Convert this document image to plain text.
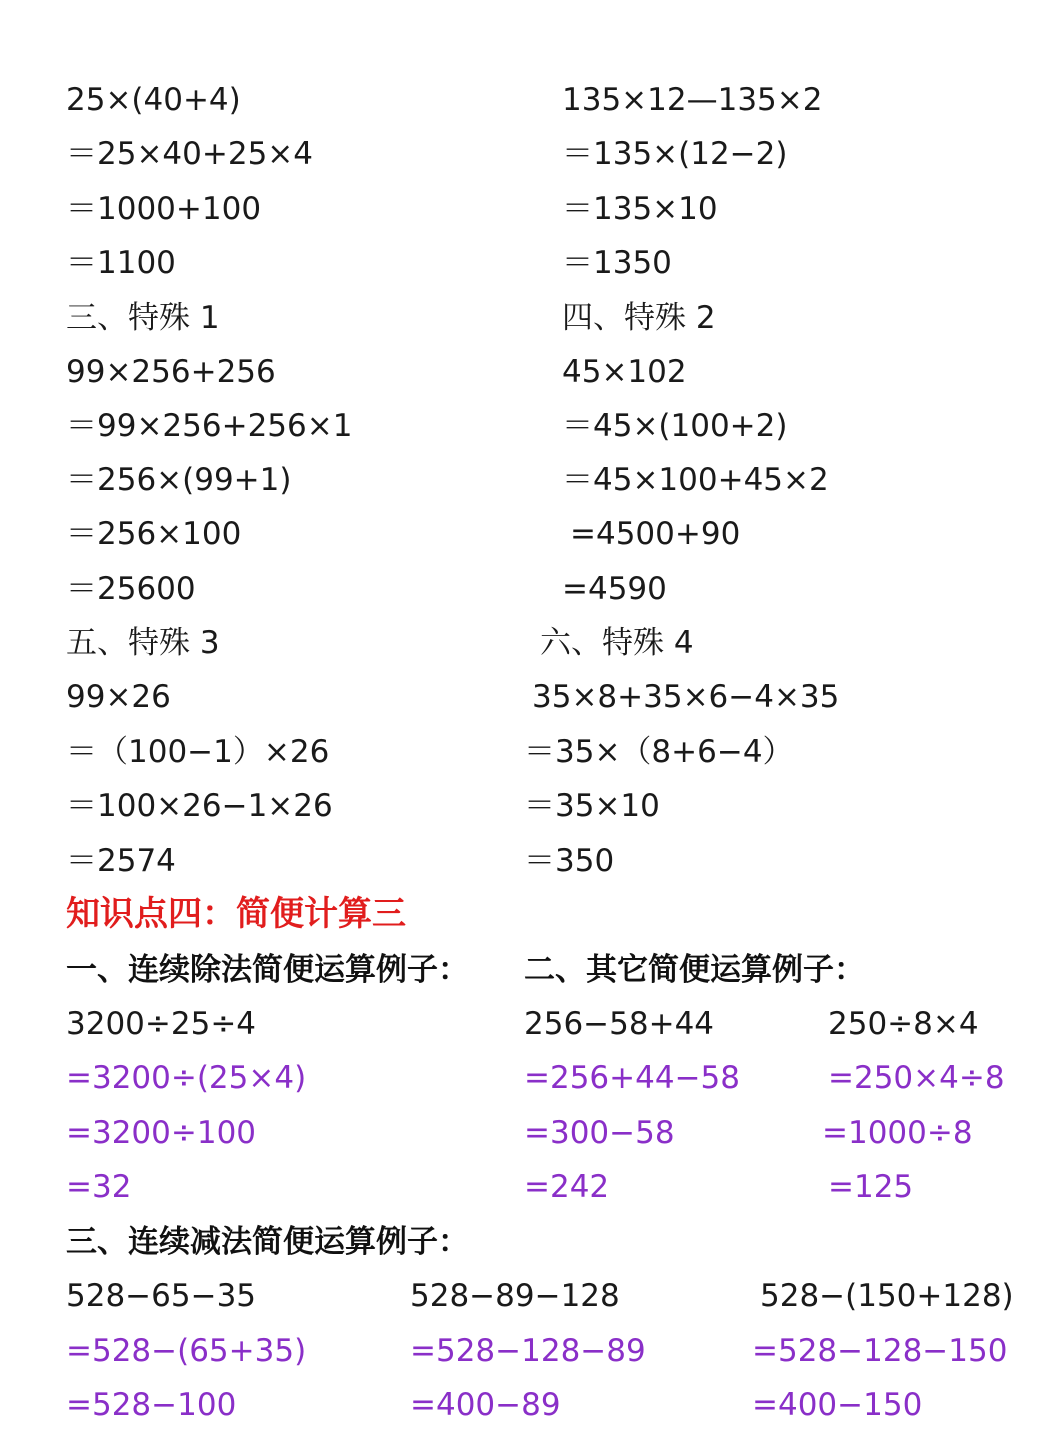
25×(40+4)
＝25×40+25×4
＝1000+100
＝1100
135×12—135×2
＝135×(12−2)
＝135×10
＝1350
三、特殊 1
99×256+256
＝99×256+256×1
＝256×(99+1)
＝256×100
＝25600
四、特殊 2
45×102
＝45×(100+2)
＝45×100+45×2
=4500+90
=4590
五、特殊 3
99×26
＝（100−1）×26
＝100×26−1×26
＝2574
六、特殊 4
35×8+35×6−4×35
＝35×（8+6−4）
＝35×10
＝350
知识点四：简便计算三
一、连续除法简便运算例子：
3200÷25÷4
=3200÷(25×4)
=3200÷100
=32
二、其它简便运算例子：
256−58+44
=256+44−58
=300−58
=242
250÷8×4
=250×4÷8
=1000÷8
=125
三、连续减法简便运算例子：
528−65−35
=528−(65+35)
=528−100
528−89−128
=528−128−89
=400−89
528−(150+128)
=528−128−150
=400−150
